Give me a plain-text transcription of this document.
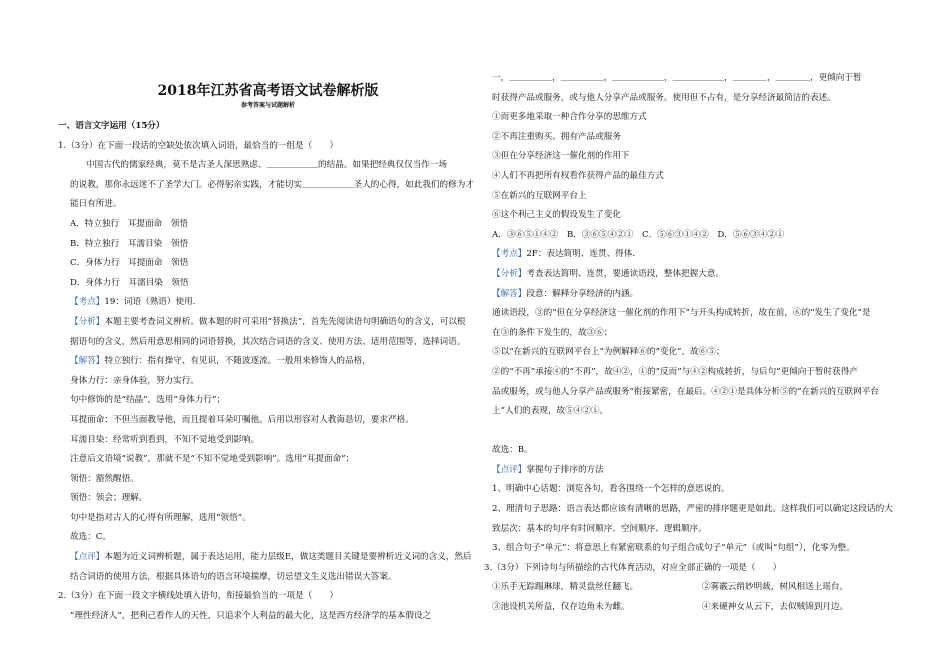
2018年江苏省高考语文试卷解析版
参考答案与试题解析
一、语言文字运用（15分）
1.（3分）在下面一段话的空缺处依次填入词语，最恰当的一组是（　　）
中国古代的儒家经典，莫不是古圣人深思熟虑、＿＿＿＿＿＿的结晶。如果把经典仅仅当作一场
的说教，那你永远迷不了圣学大门。必得躬亲实践，才能切实＿＿＿＿＿＿圣人的心得，如此我们的修为才
能日有所进。
A．特立独行　耳提面命　领悟
B．特立独行　耳濡目染　领悟
C．身体力行　耳提面命　领悟
D．身体力行　耳濡目染　领悟
【考点】19：词语（熟语）使用.
【分析】本题主要考查词义辨析。做本题的时可采用“替换法”，首先先阅读语句明确语句的含义，可以根
据语句的含义，然后用意思相同的词语替换，其次结合词语的含义、使用方法、适用范围等，选择词语。
【解答】特立独行：指有操守、有见识，不随波逐流。一般用来修饰人的品格，
身体力行：亲身体验，努力实行。
句中修饰的是“结晶”，选用“身体力行”；
耳提面命：不但当面教导他，而且提着耳朵叮嘱他。后用以形容对人教诲恳切，要求严格。
耳濡目染：经常听到看到，不知不觉地受到影响。
注意后文语境“说教”，那就不是“不知不觉地受到影响”。选用“耳提面命”；
领悟：豁然醒悟。
领悟：领会；理解。
句中是指对古人的心得有所理解，选用“领悟”。
故选：C。
【点评】本题为近义词辨析题，属于表达运用，能力层级E，做这类题目关键是要辨析近义词的含义，然后
结合词语的使用方法，根据具体语句的语言环境揣摩，切忌望文生义选出错误大答案。
2.（3分）在下面一段文字横线处填入语句，衔接最恰当的一项是（　　）
“理性经济人”，把利己看作人的天性，只追求个人利益的最大化，这是西方经济学的基本假设之
一，＿＿＿＿＿，＿＿＿＿＿，＿＿＿＿＿＿，＿＿＿＿＿＿，＿＿＿＿，＿＿＿＿，更倾向于暂
时获得产品或服务，或与他人分享产品或服务。使用但不占有，是分享经济最简洁的表述。
①而更多地采取一种合作分享的思维方式
②不再注重购买、拥有产品或服务
③但在分享经济这一催化剂的作用下
④人们不再把所有权看作获得产品的最佳方式
⑤在新兴的互联网平台上
⑥这个利己主义的假设发生了变化
A．③⑥⑤①④②　B．③⑥⑤④②①　C．⑤⑥③①④②　D．⑤⑥③④②①
【考点】2F：表达简明、连贯、得体.
【分析】考查表达简明、连贯，要通读语段，整体把握大意。
【解答】段意：解释分享经济的内涵。
通读语段，③的“但在分享经济这一催化剂的作用下”与开头构成转折，故在前，⑥的“发生了变化”是
在③的条件下发生的，故③⑥；
⑤以“在新兴的互联网平台上”为例解释⑥的“变化”，故⑥⑤；
②的“不再”承接④的“不再”，故④②，①的“反而”与④②构成转折，与后句“更倾向于暂时获得产
品或服务，或与他人分享产品或服务”衔接紧密，在最后。④②①是具体分析⑤的“在新兴的互联网平台
上”人们的表现，故⑤④②①。
故选：B。
【点评】掌握句子排序的方法
1、明确中心话题：浏览各句，看各围绕一个怎样的意思说的。
2、理清句子思路：语言表达都应该有清晰的思路，严密的排序题更是如此。这样我们可以确定这段话的大
致层次：基本的句序有时间顺序、空间顺序、逻辑顺序。
3、组合句子“单元”：将意思上有紧密联系的句子组合成句子“单元”（或叫“句组”），化零为整。
3.（3分）下列诗句与所描绘的古代体育活动，对应全部正确的一项是（　　）
①乐手无踪蹋琳球，精灵盘丝任翻飞。	②雾霰云绡妙明裁，树风相送上瑶台。
③池设机关所益，仅存边角未为雌。	④来硬神女从云下，去似贼锦到月边。
